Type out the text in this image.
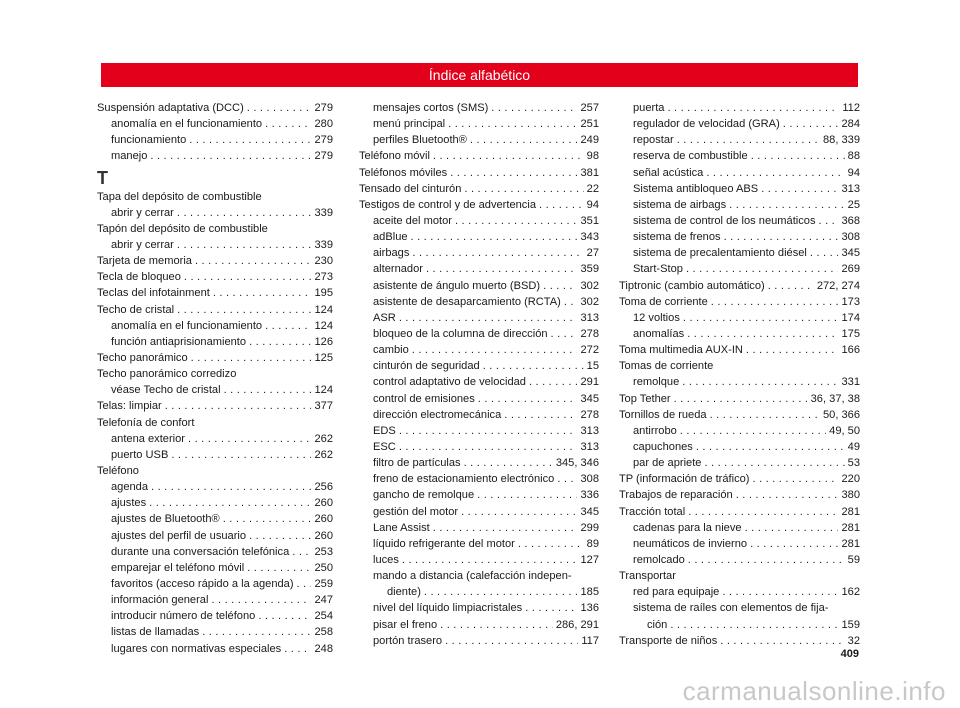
Índice alfabético
Suspensión adaptativa (DCC) . . .	279
anomalía en el funcionamiento . . .	280
funcionamiento . . .	279
manejo . . .	279
T
Tapa del depósito de combustible
abrir y cerrar . . .	339
Tapón del depósito de combustible
abrir y cerrar . . .	339
Tarjeta de memoria . . .	230
Tecla de bloqueo . . .	273
Teclas del infotainment . . .	195
Techo de cristal . . .	124
anomalía en el funcionamiento . . .	124
función antiaprisionamiento . . .	126
Techo panorámico . . .	125
Techo panorámico corredizo
véase Techo de cristal . . .	124
Telas: limpiar . . .	377
Telefonía de confort
antena exterior . . .	262
puerto USB . . .	262
Teléfono
agenda . . .	256
ajustes . . .	260
ajustes de Bluetooth® . . .	260
ajustes del perfil de usuario . . .	260
durante una conversación telefónica . . . 253
emparejar el teléfono móvil . . .	250
favoritos (acceso rápido a la agenda) . . . 259
información general . . .	247
introducir número de teléfono . . .	254
listas de llamadas . . .	258
lugares con normativas especiales . . .	248
mensajes cortos (SMS) . . .	257
menú principal . . .	251
perfiles Bluetooth® . . .	249
Teléfono móvil . . .	98
Teléfonos móviles . . .	381
Tensado del cinturón . . .	22
Testigos de control y de advertencia . . .	94
aceite del motor . . .	351
adBlue . . .	343
airbags . . .	27
alternador . . .	359
asistente de ángulo muerto (BSD) . . .	302
asistente de desaparcamiento (RCTA) . . . 302
ASR . . .	313
bloqueo de la columna de dirección . . .	278
cambio . . .	272
cinturón de seguridad . . .	15
control adaptativo de velocidad . . .	291
control de emisiones . . .	345
dirección electromecánica . . .	278
EDS . . .	313
ESC . . .	313
filtro de partículas . . .	345, 346
freno de estacionamiento electrónico . . . 308
gancho de remolque . . .	336
gestión del motor . . .	345
Lane Assist . . .	299
líquido refrigerante del motor . . .	89
luces . . .	127
mando a distancia (calefacción indepen-
diente) . . .	185
nivel del líquido limpiacristales . . .	136
pisar el freno . . .	286, 291
portón trasero . . .	117
puerta . . .	112
regulador de velocidad (GRA) . . .	284
repostar . . .	88, 339
reserva de combustible . . .	88
señal acústica . . .	94
Sistema antibloqueo ABS . . .	313
sistema de airbags . . .	25
sistema de control de los neumáticos . . . 368
sistema de frenos . . .	308
sistema de precalentamiento diésel . . .	345
Start-Stop . . .	269
Tiptronic (cambio automático) . . .	272, 274
Toma de corriente . . .	173
12 voltios . . .	174
anomalías . . .	175
Toma multimedia AUX-IN . . .	166
Tomas de corriente
remolque . . .	331
Top Tether . . .	36, 37, 38
Tornillos de rueda . . .	50, 366
antirrobo . . .	49, 50
capuchones . . .	49
par de apriete . . .	53
TP (información de tráfico) . . .	220
Trabajos de reparación . . .	380
Tracción total . . .	281
cadenas para la nieve . . .	281
neumáticos de invierno . . .	281
remolcado . . .	59
Transportar
red para equipaje . . .	162
sistema de raíles con elementos de fija-
ción . . .	159
Transporte de niños . . .	32
409
carmanualsonline.info
